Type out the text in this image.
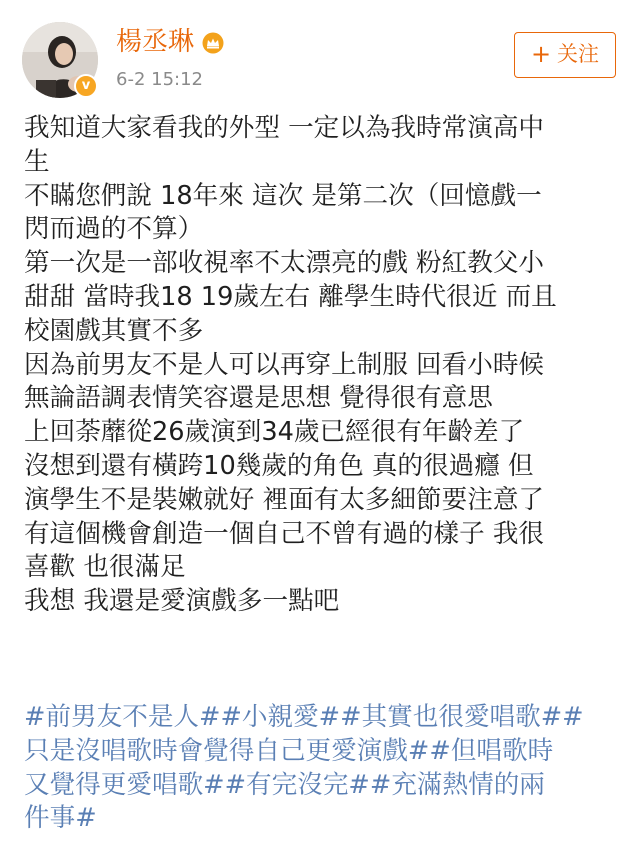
v
楊丞琳
6-2 15:12
+ 关注
我知道大家看我的外型 一定以為我時常演高中
生
不瞞您們說 18年來 這次 是第二次（回憶戲一
閃而過的不算）
第一次是一部收視率不太漂亮的戲 粉紅教父小
甜甜 當時我18 19歲左右 離學生時代很近 而且
校園戲其實不多
因為前男友不是人可以再穿上制服 回看小時候
無論語調表情笑容還是思想 覺得很有意思
上回荼蘼從26歲演到34歲已經很有年齡差了
沒想到還有橫跨10幾歲的角色 真的很過癮 但
演學生不是裝嫩就好 裡面有太多細節要注意了
有這個機會創造一個自己不曾有過的樣子 我很
喜歡 也很滿足
我想 我還是愛演戲多一點吧
#前男友不是人##小親愛##其實也很愛唱歌##
只是沒唱歌時會覺得自己更愛演戲##但唱歌時
又覺得更愛唱歌##有完沒完##充滿熱情的兩
件事#
